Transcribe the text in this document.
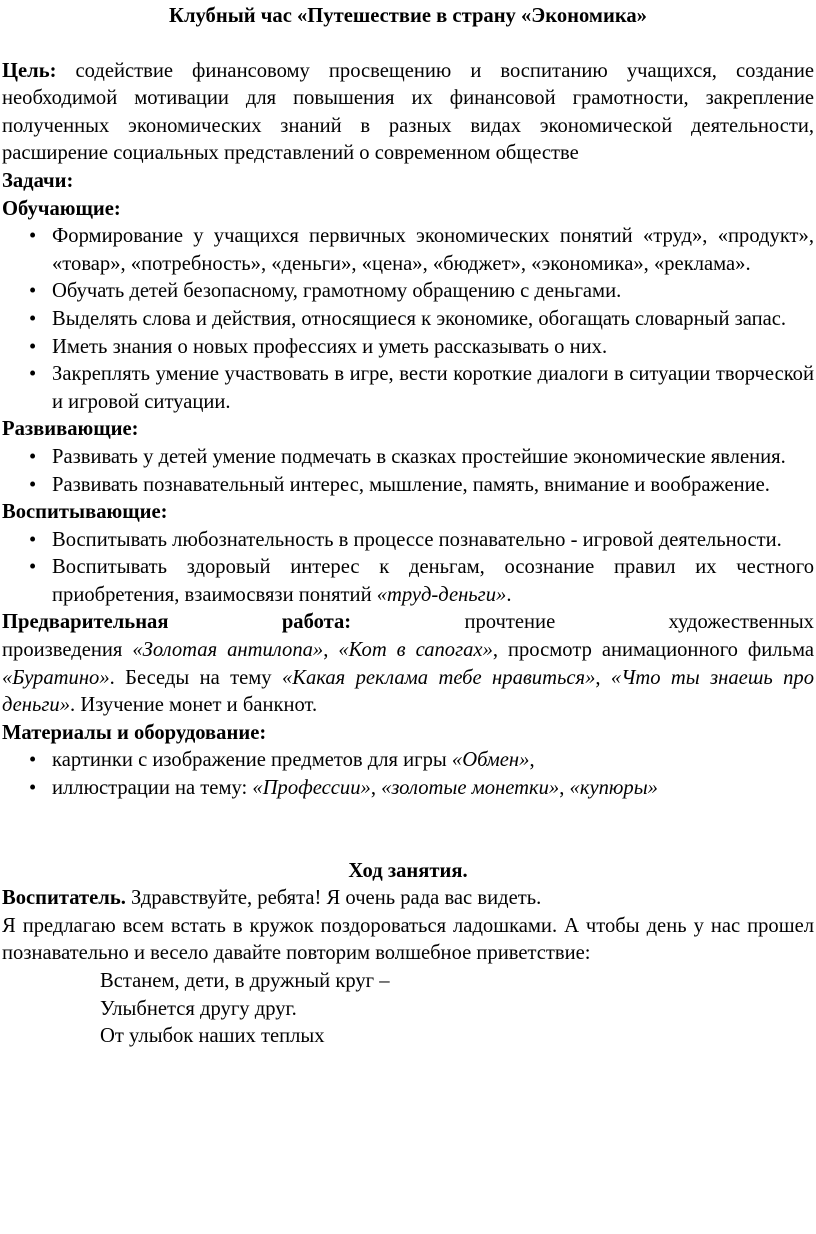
Клубный час «Путешествие в страну «Экономика»

Цель: содействие финансовому просвещению и воспитанию учащихся, создание необходимой мотивации для повышения их финансовой грамотности, закрепление полученных экономических знаний в разных видах экономической деятельности, расширение социальных представлений о современном обществе

Задачи:
Обучающие:
• Формирование у учащихся первичных экономических понятий «труд», «продукт», «товар», «потребность», «деньги», «цена», «бюджет», «экономика», «реклама».
• Обучать детей безопасному, грамотному обращению с деньгами.
• Выделять слова и действия, относящиеся к экономике, обогащать словарный запас.
• Иметь знания о новых профессиях и уметь рассказывать о них.
• Закреплять умение участвовать в игре, вести короткие диалоги в ситуации творческой и игровой ситуации.
Развивающие:
• Развивать у детей умение подмечать в сказках простейшие экономические явления.
• Развивать познавательный интерес, мышление, память, внимание и воображение.
Воспитывающие:
• Воспитывать любознательность в процессе познавательно - игровой деятельности.
• Воспитывать здоровый интерес к деньгам, осознание правил их честного приобретения, взаимосвязи понятий «труд-деньги».
Предварительная	работа:	прочтение	художественных

произведения «Золотая антилопа», «Кот в сапогах», просмотр анимационного фильма «Буратино». Беседы на тему «Какая реклама тебе нравиться», «Что ты знаешь про деньги». Изучение монет и банкнот.

Материалы и оборудование:
• картинки с изображение предметов для игры «Обмен»,
• иллюстрации на тему: «Профессии», «золотые монетки», «купюры»

Ход занятия.

Воспитатель. Здравствуйте, ребята! Я очень рада вас видеть.

Я предлагаю всем встать в кружок поздороваться ладошками. А чтобы день у нас прошел познавательно и весело давайте повторим волшебное приветствие:

Встанем, дети, в дружный круг –
Улыбнется другу друг.
От улыбок наших теплых
